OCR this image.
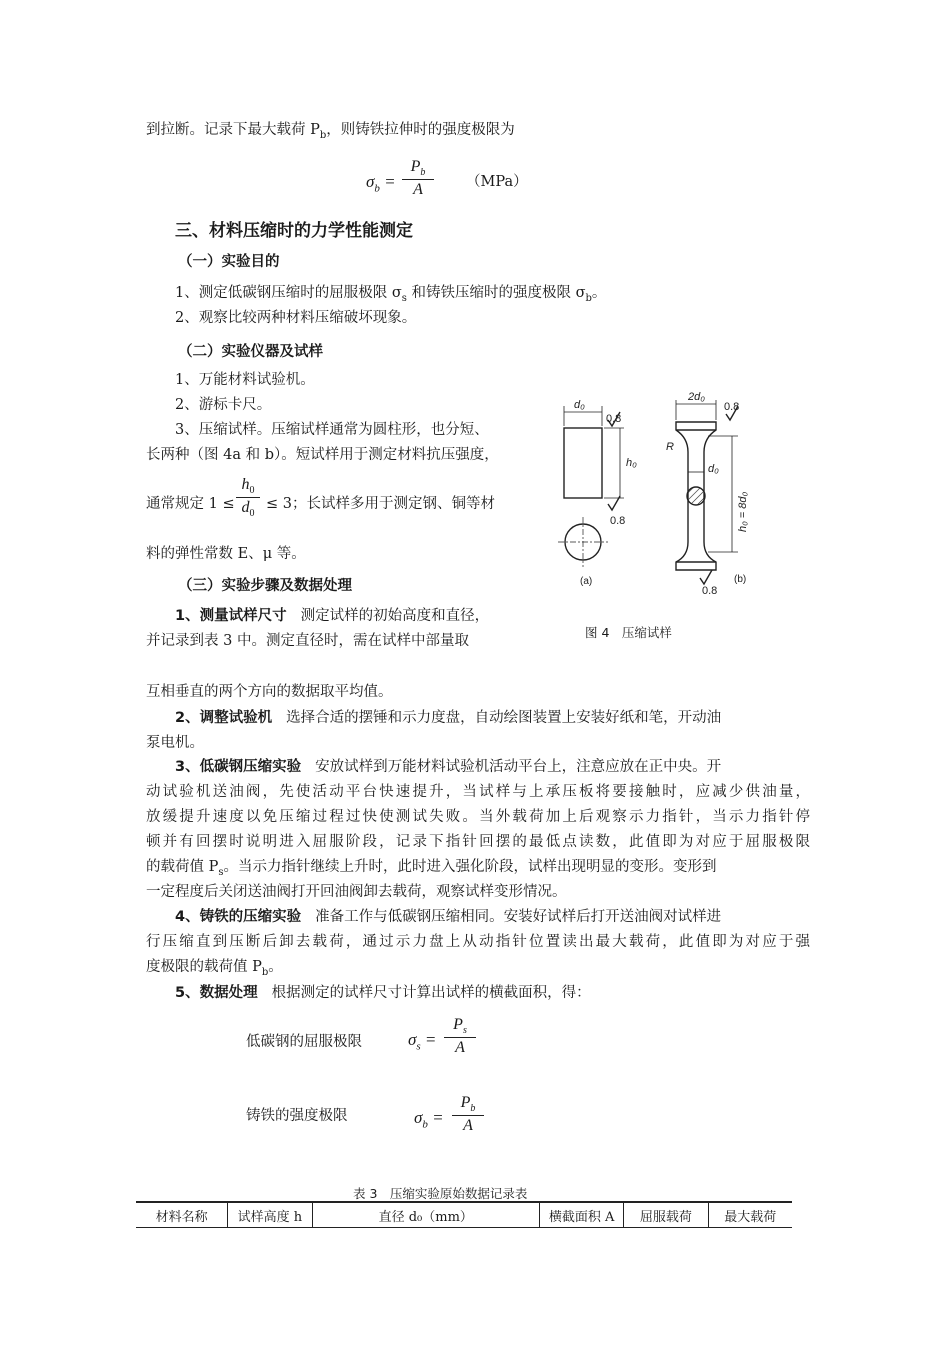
到拉断。记录下最大载荷 $P_b$，则铸铁拉伸时的强度极限为
$\sigma_b = \frac{P_b}{A} (MPa)$
三、材料压缩时的力学性能测定
（一）实验目的
1、测定低碳钢压缩时的屈服极限 $\sigma_s$ 和铸铁压缩时的强度极限 $\sigma_b$。
2、观察比较两种材料压缩破坏现象。
（二）实验仪器及试样
1、万能材料试验机。
2、游标卡尺。
3、压缩试样。压缩试样通常为圆柱形，也分短、
长两种（图 4a 和 b）。短试样用于测定材料抗压强度，
通常规定 $1 \le \frac{h_0}{d_0} \le 3$；长试样多用于测定钢、铜等材
料的弹性常数 E、μ 等。
（三）实验步骤及数据处理
1、测量试样尺寸 测定试样的初始高度和直径，
并记录到表 3 中。测定直径时，需在试样中部量取
互相垂直的两个方向的数据取平均值。
2、调整试验机 选择合适的摆锤和示力度盘，自动绘图装置上安装好纸和笔，开动油
泵电机。
3、低碳钢压缩实验 安放试样到万能材料试验机活动平台上，注意应放在正中央。开
动试验机送油阀，先使活动平台快速提升，当试样与上承压板将要接触时，应减少供油量，
放缓提升速度以免压缩过程过快使测试失败。当外载荷加上后观察示力指针，当示力指针停
顿并有回摆时说明进入屈服阶段，记录下指针回摆的最低点读数，此值即为对应于屈服极限
的载荷值 $P_s$。当示力指针继续上升时，此时进入强化阶段，试样出现明显的变形。变形到
一定程度后关闭送油阀打开回油阀卸去载荷，观察试样变形情况。
4、铸铁的压缩实验 准备工作与低碳钢压缩相同。安装好试样后打开送油阀对试样进
行压缩直到压断后卸去载荷，通过示力盘上从动指针位置读出最大载荷，此值即为对应于强
度极限的载荷值 $P_b$。
5、数据处理 根据测定的试样尺寸计算出试样的横截面积，得：
低碳钢的屈服极限	$\sigma_s = \frac{P_s}{A}$
铸铁的强度极限	$\sigma_b = \frac{P_b}{A}$
d₀
0.8
h₀
0.8
2d₀
0.8
R
d₀
0.8
(a)	(b)
h₀ = 8d₀
图 4　压缩试样
表 3　压缩实验原始数据记录表
材料名称	试样高度 h	直径 d₀（mm）	横截面积 A	屈服载荷	最大载荷
